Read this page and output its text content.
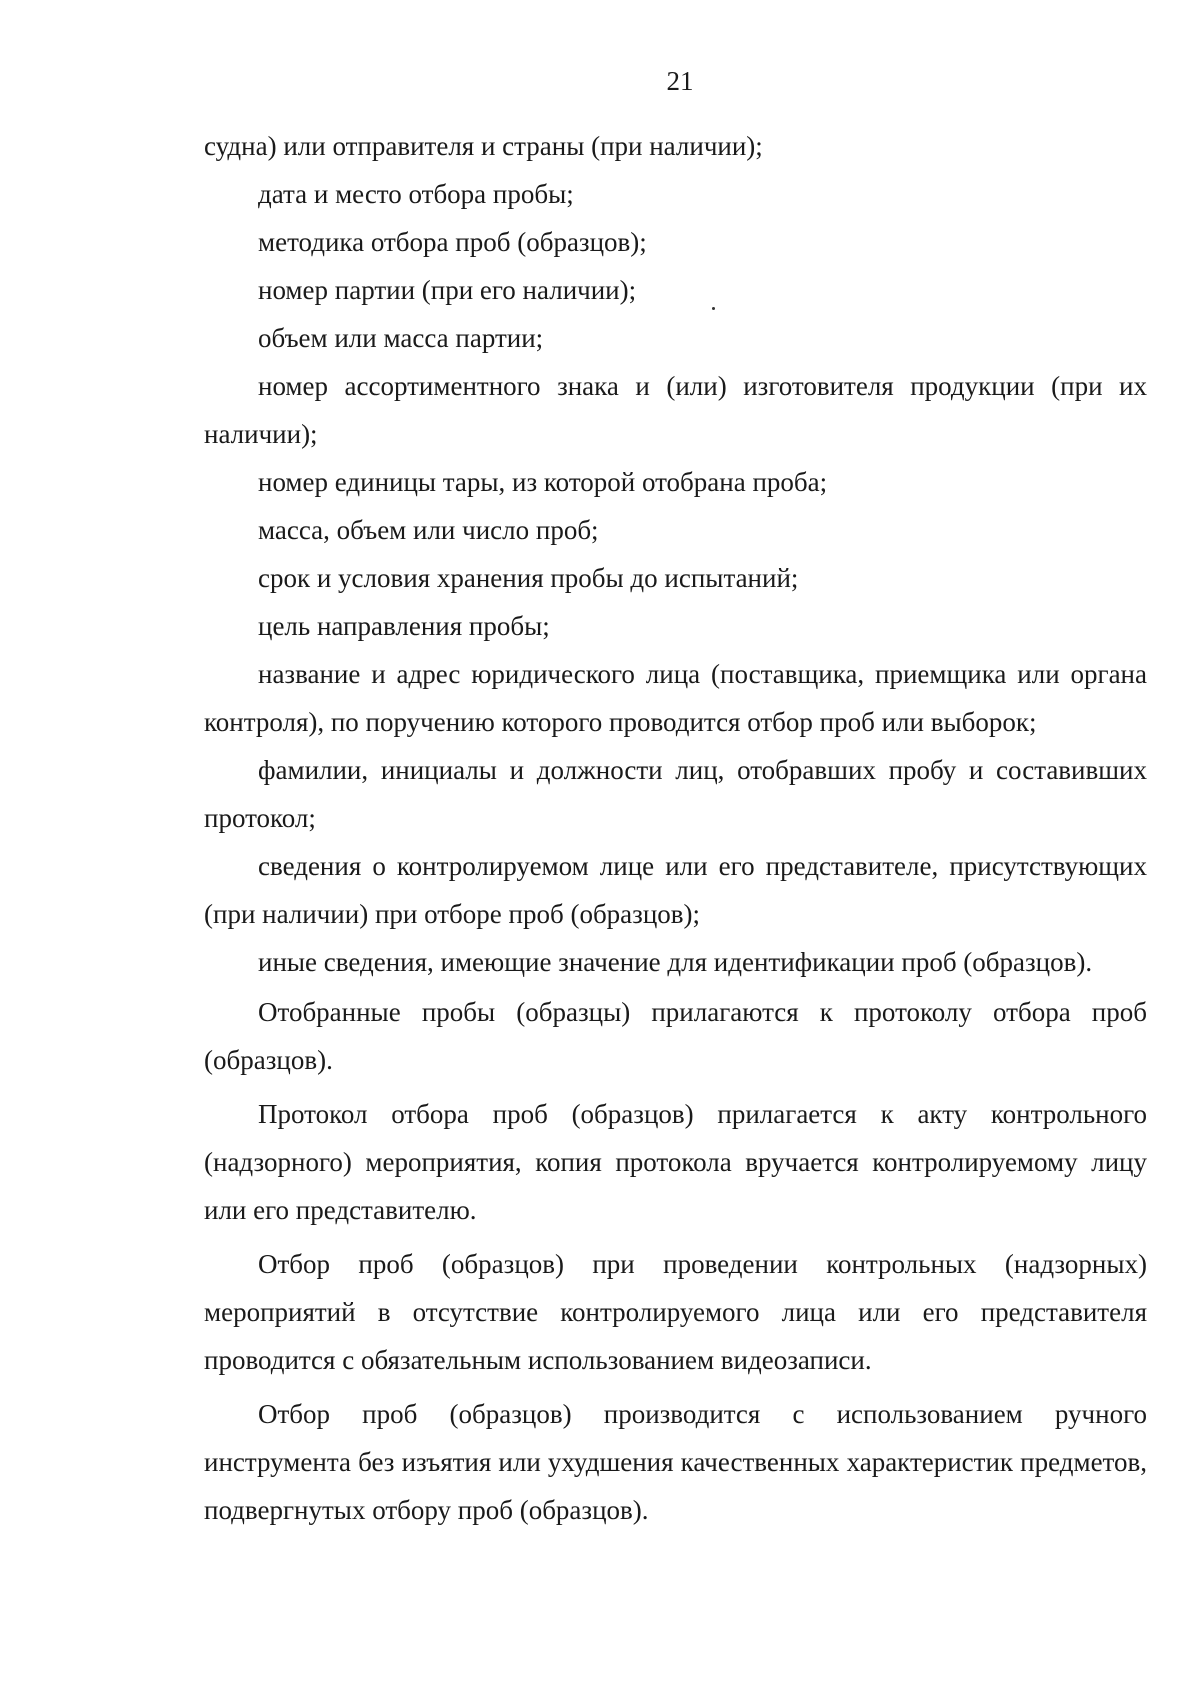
21

судна) или отправителя и страны (при наличии);

дата и место отбора пробы;

методика отбора проб (образцов);

номер партии (при его наличии);

объем или масса партии;

номер ассортиментного знака и (или) изготовителя продукции (при их наличии);

номер единицы тары, из которой отобрана проба;

масса, объем или число проб;

срок и условия хранения пробы до испытаний;

цель направления пробы;

название и адрес юридического лица (поставщика, приемщика или органа контроля), по поручению которого проводится отбор проб или выборок;

фамилии, инициалы и должности лиц, отобравших пробу и составивших протокол;

сведения о контролируемом лице или его представителе, присутствующих (при наличии) при отборе проб (образцов);

иные сведения, имеющие значение для идентификации проб (образцов).

Отобранные пробы (образцы) прилагаются к протоколу отбора проб (образцов).

Протокол отбора проб (образцов) прилагается к акту контрольного (надзорного) мероприятия, копия протокола вручается контролируемому лицу или его представителю.

Отбор проб (образцов) при проведении контрольных (надзорных) мероприятий в отсутствие контролируемого лица или его представителя проводится с обязательным использованием видеозаписи.

Отбор проб (образцов) производится с использованием ручного инструмента без изъятия или ухудшения качественных характеристик предметов, подвергнутых отбору проб (образцов).
